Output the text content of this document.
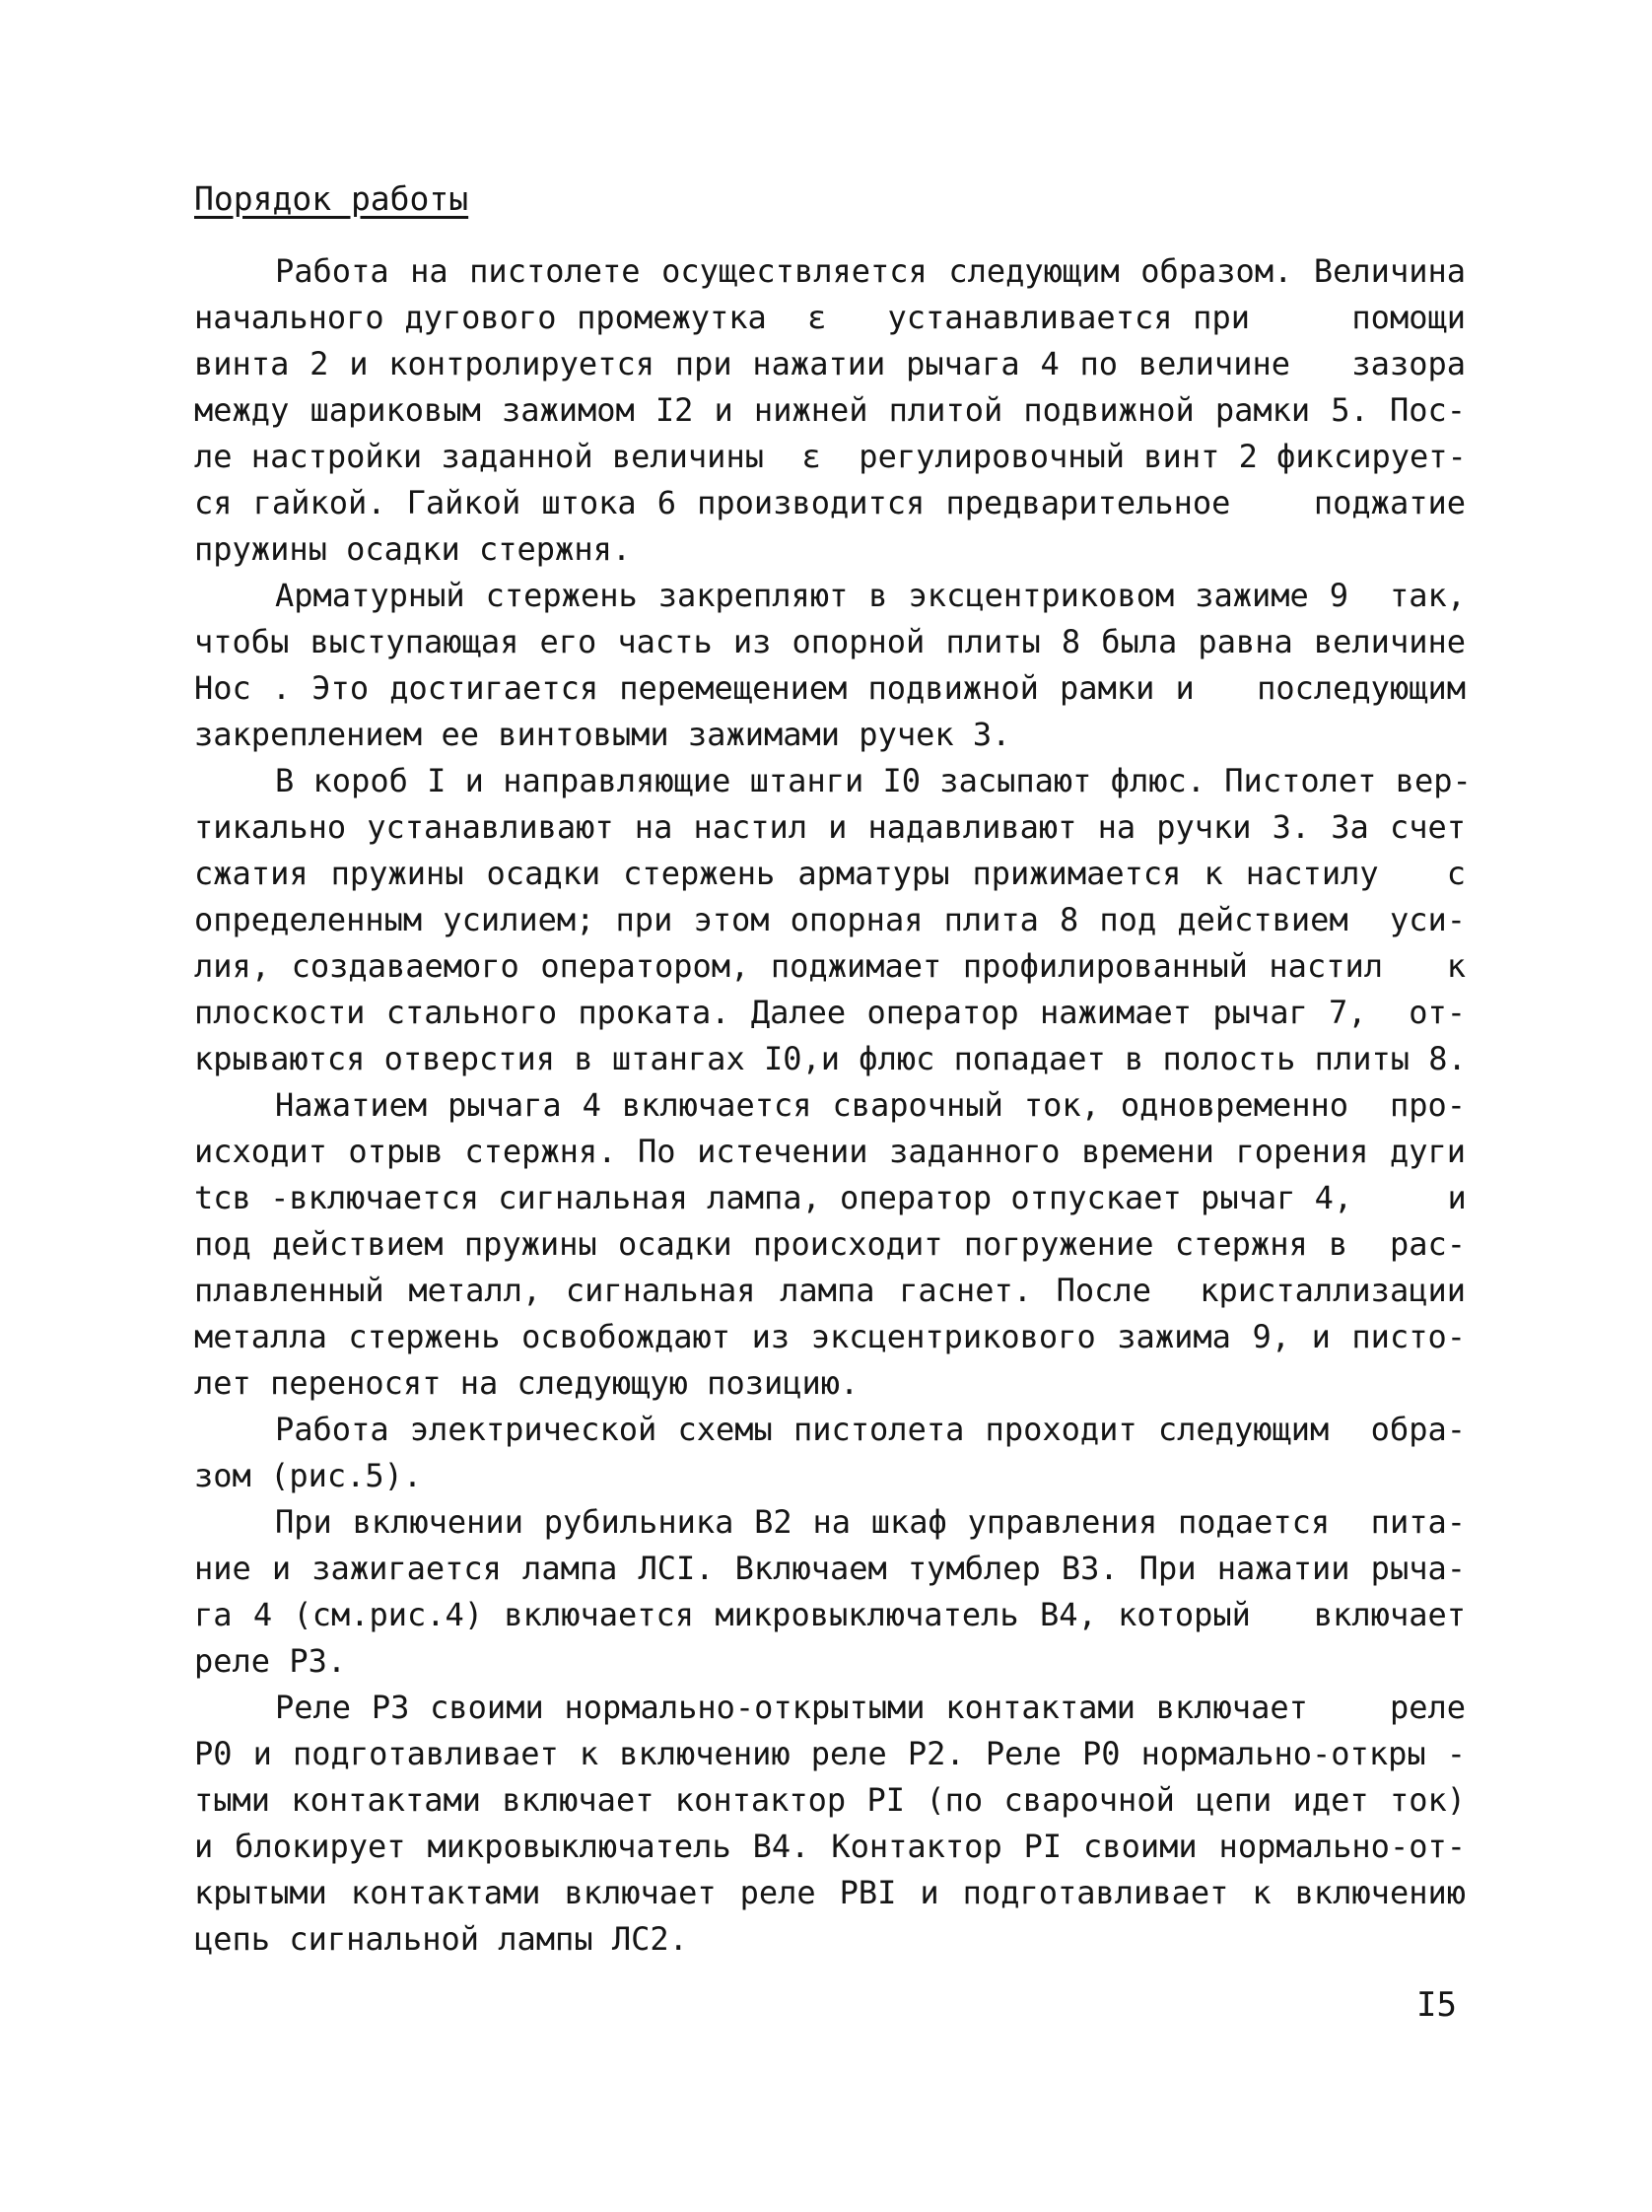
Порядок работы
Работа на пистолете осуществляется следующим образом. Величина
начального дугового промежутка  ε   устанавливается при     помощи
винта 2 и контролируется при нажатии рычага 4 по величине   зазора
между шариковым зажимом I2 и нижней плитой подвижной рамки 5. Пос-
ле настройки заданной величины  ε  регулировочный винт 2 фиксирует-
ся гайкой. Гайкой штока 6 производится предварительное    поджатие
пружины осадки стержня.
Арматурный стержень закрепляют в эксцентриковом зажиме 9  так,
чтобы выступающая его часть из опорной плиты 8 была равна величине
Hос . Это достигается перемещением подвижной рамки и   последующим
закреплением ее винтовыми зажимами ручек 3.
В короб I и направляющие штанги I0 засыпают флюс. Пистолет вер-
тикально устанавливают на настил и надавливают на ручки 3. За счет
сжатия пружины осадки стержень арматуры прижимается к настилу   с
определенным усилием; при этом опорная плита 8 под действием  уси-
лия, создаваемого оператором, поджимает профилированный настил   к
плоскости стального проката. Далее оператор нажимает рычаг 7,  от-
крываются отверстия в штангах I0,и флюс попадает в полость плиты 8.
Нажатием рычага 4 включается сварочный ток, одновременно  про-
исходит отрыв стержня. По истечении заданного времени горения дуги
tсв -включается сигнальная лампа, оператор отпускает рычаг 4,     и
под действием пружины осадки происходит погружение стержня в  рас-
плавленный металл, сигнальная лампа гаснет. После  кристаллизации
металла стержень освобождают из эксцентрикового зажима 9, и писто-
лет переносят на следующую позицию.
Работа электрической схемы пистолета проходит следующим  обра-
зом (рис.5).
При включении рубильника В2 на шкаф управления подается  пита-
ние и зажигается лампа ЛСI. Включаем тумблер В3. При нажатии рыча-
га 4 (см.рис.4) включается микровыключатель В4, который   включает
реле Р3.
Реле Р3 своими нормально-открытыми контактами включает    реле
Р0 и подготавливает к включению реле Р2. Реле Р0 нормально-откры -
тыми контактами включает контактор РI (по сварочной цепи идет ток)
и блокирует микровыключатель В4. Контактор РI своими нормально-от-
крытыми контактами включает реле РВI и подготавливает к включению
цепь сигнальной лампы ЛС2.
I5
